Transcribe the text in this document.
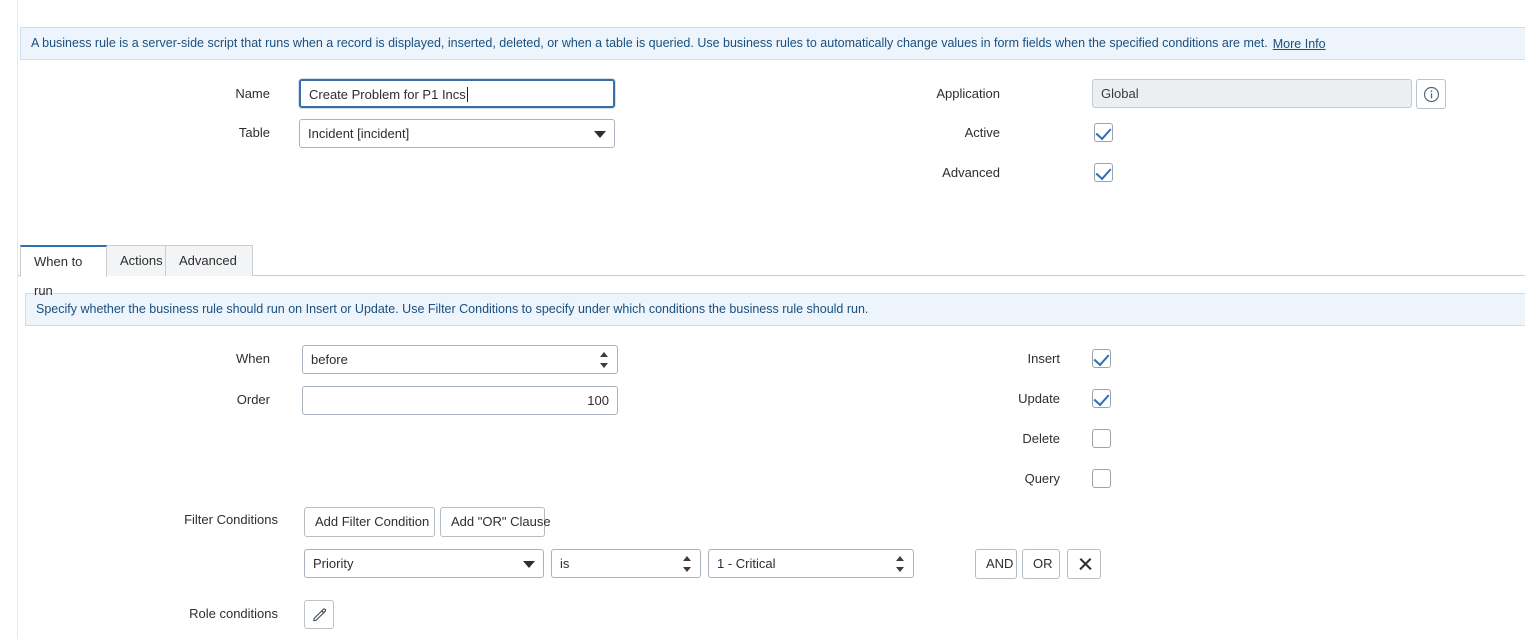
A business rule is a server-side script that runs when a record is displayed, inserted, deleted, or when a table is queried. Use business rules to automatically change values in form fields when the specified conditions are met. More Info
Name	Create Problem for P1 Incs
Table	Incident [incident]
Application	Global
Active
Advanced
When to run
Actions	Advanced
Specify whether the business rule should run on Insert or Update. Use Filter Conditions to specify under which conditions the business rule should run.
When	before
Order	100
Insert
Update
Delete
Query
Filter Conditions	Add Filter Condition	Add "OR" Clause
Priority	is	1 - Critical	AND	OR
Role conditions
